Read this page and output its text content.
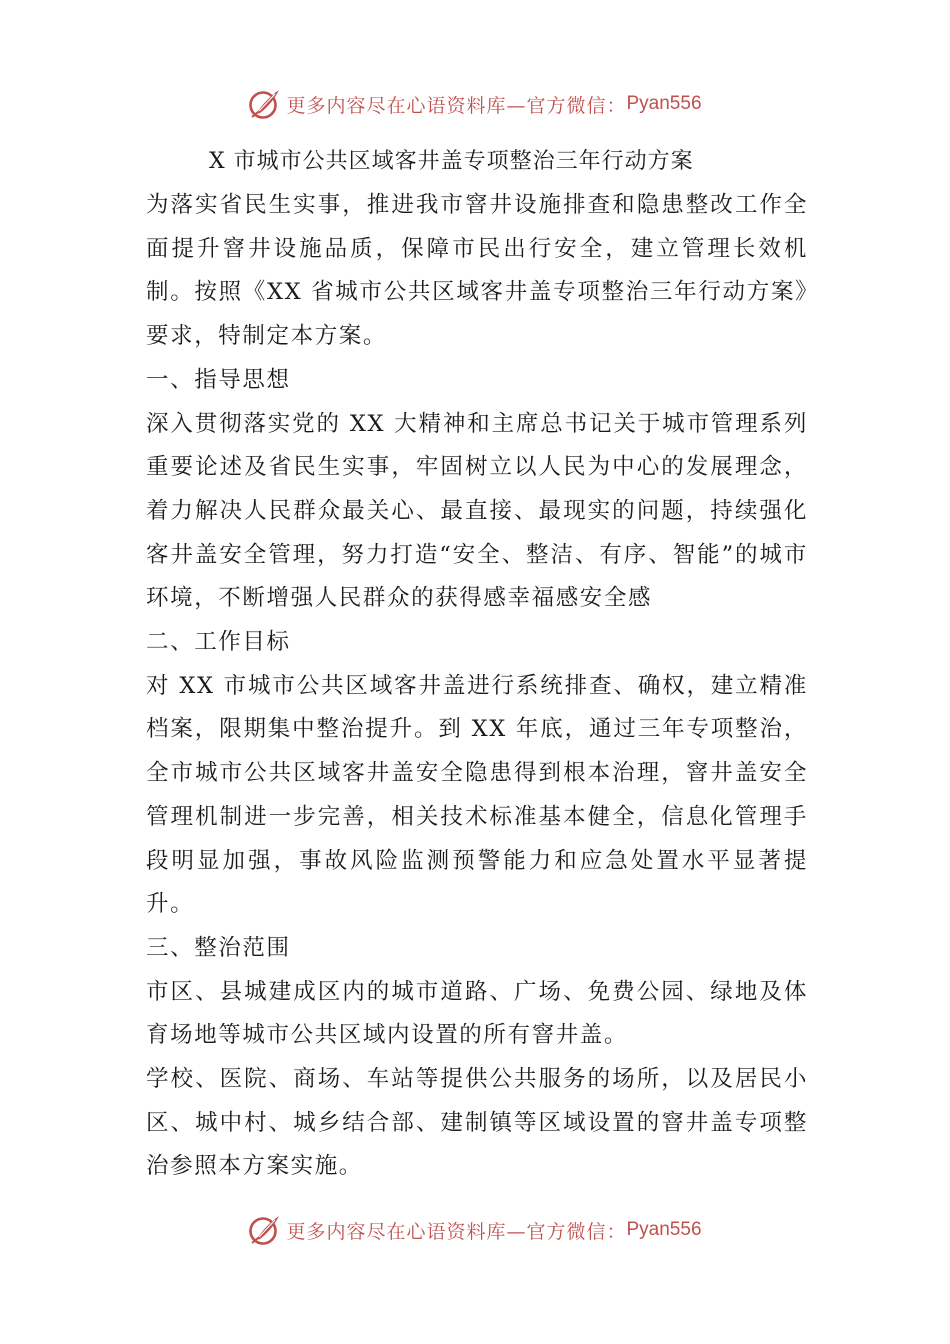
更多内容尽在心语资料库—官方微信： Pyan556
X 市城市公共区域客井盖专项整治三年行动方案

为落实省民生实事，推进我市窨井设施排查和隐患整改工作全面提升窨井设施品质，保障市民出行安全，建立管理长效机制。按照《XX 省城市公共区域客井盖专项整治三年行动方案》要求，特制定本方案。

一、指导思想

深入贯彻落实党的 XX 大精神和主席总书记关于城市管理系列重要论述及省民生实事，牢固树立以人民为中心的发展理念，着力解决人民群众最关心、最直接、最现实的问题，持续强化客井盖安全管理，努力打造“安全、整洁、有序、智能”的城市环境，不断增强人民群众的获得感幸福感安全感

二、工作目标

对 XX 市城市公共区域客井盖进行系统排查、确权，建立精准档案，限期集中整治提升。到 XX 年底，通过三年专项整治，全市城市公共区域客井盖安全隐患得到根本治理，窨井盖安全管理机制进一步完善，相关技术标准基本健全，信息化管理手段明显加强，事故风险监测预警能力和应急处置水平显著提升。

三、整治范围

市区、县城建成区内的城市道路、广场、免费公园、绿地及体育场地等城市公共区域内设置的所有窨井盖。

学校、医院、商场、车站等提供公共服务的场所，以及居民小区、城中村、城乡结合部、建制镇等区域设置的窨井盖专项整治参照本方案实施。

更多内容尽在心语资料库—官方微信： Pyan556
